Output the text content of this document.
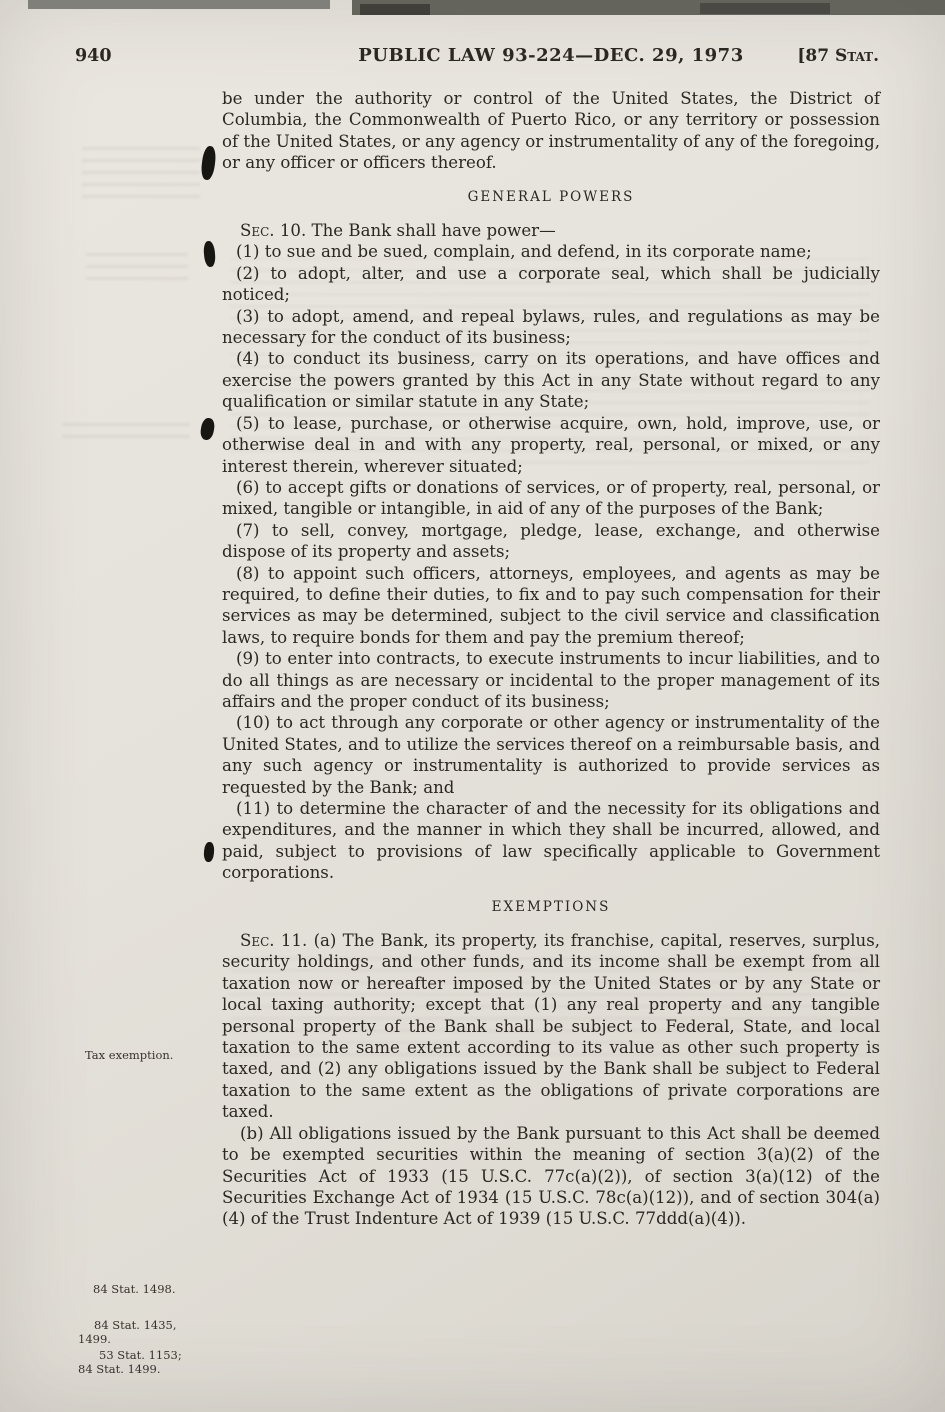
940	PUBLIC LAW 93-224—DEC. 29, 1973	[87 Stat.

be under the authority or control of the United States, the District of Columbia, the Commonwealth of Puerto Rico, or any territory or possession of the United States, or any agency or instrumentality of any of the foregoing, or any officer or officers thereof.

GENERAL POWERS

Sec. 10. The Bank shall have power—

(1) to sue and be sued, complain, and defend, in its corporate name;

(2) to adopt, alter, and use a corporate seal, which shall be judicially noticed;

(3) to adopt, amend, and repeal bylaws, rules, and regulations as may be necessary for the conduct of its business;

(4) to conduct its business, carry on its operations, and have offices and exercise the powers granted by this Act in any State without regard to any qualification or similar statute in any State;

(5) to lease, purchase, or otherwise acquire, own, hold, improve, use, or otherwise deal in and with any property, real, personal, or mixed, or any interest therein, wherever situated;

(6) to accept gifts or donations of services, or of property, real, personal, or mixed, tangible or intangible, in aid of any of the purposes of the Bank;

(7) to sell, convey, mortgage, pledge, lease, exchange, and otherwise dispose of its property and assets;

(8) to appoint such officers, attorneys, employees, and agents as may be required, to define their duties, to fix and to pay such compensation for their services as may be determined, subject to the civil service and classification laws, to require bonds for them and pay the premium thereof;

(9) to enter into contracts, to execute instruments to incur liabilities, and to do all things as are necessary or incidental to the proper management of its affairs and the proper conduct of its business;

(10) to act through any corporate or other agency or instrumentality of the United States, and to utilize the services thereof on a reimbursable basis, and any such agency or instrumentality is authorized to provide services as requested by the Bank; and

(11) to determine the character of and the necessity for its obligations and expenditures, and the manner in which they shall be incurred, allowed, and paid, subject to provisions of law specifically applicable to Government corporations.

EXEMPTIONS

Sec. 11. (a) The Bank, its property, its franchise, capital, reserves, surplus, security holdings, and other funds, and its income shall be exempt from all taxation now or hereafter imposed by the United States or by any State or local taxing authority; except that (1) any real property and any tangible personal property of the Bank shall be subject to Federal, State, and local taxation to the same extent according to its value as other such property is taxed, and (2) any obligations issued by the Bank shall be subject to Federal taxation to the same extent as the obligations of private corporations are taxed.

(b) All obligations issued by the Bank pursuant to this Act shall be deemed to be exempted securities within the meaning of section 3(a)(2) of the Securities Act of 1933 (15 U.S.C. 77c(a)(2)), of section 3(a)(12) of the Securities Exchange Act of 1934 (15 U.S.C. 78c(a)(12)), and of section 304(a)(4) of the Trust Indenture Act of 1939 (15 U.S.C. 77ddd(a)(4)).

Tax exemption.
84 Stat. 1498.
84 Stat. 1435,
1499.
53 Stat. 1153;
84 Stat. 1499.
